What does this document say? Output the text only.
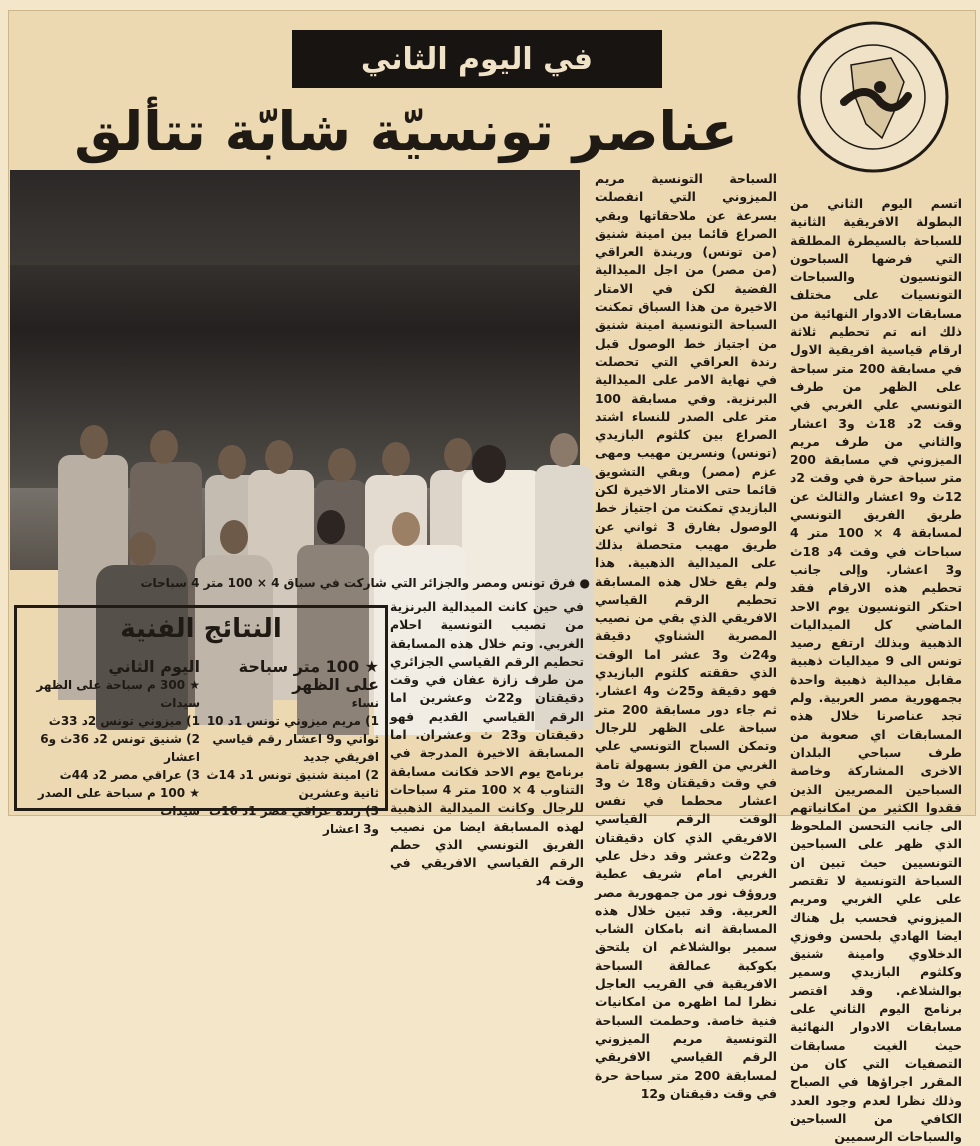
في اليوم الثاني
عناصر تونسيّة شابّة تتألق
● فرق تونس ومصر والجزائر التي شاركت في سباق 4 × 100 متر 4 سباحات
اتسم اليوم الثاني من البطولة الافريقية الثانية للسباحة بالسيطرة المطلقة التي فرضها السباحون التونسيون والسباحات التونسيات على مختلف مسابقات الادوار النهائية من ذلك انه تم تحطيم ثلاثة ارقام قياسية افريقية الاول في مسابقة 200 متر سباحة على الظهر من طرف التونسي علي الغربي في وقت 2د 18ث و3 اعشار والثاني من طرف مريم الميزوني في مسابقة 200 متر سباحة حرة في وقت 2د 12ث و9 اعشار والثالث عن طريق الفريق التونسي لمسابقة 4 × 100 متر 4 سباحات في وقت 4د 18ث و3 اعشار. وإلى جانب تحطيم هذه الارقام فقد احتكر التونسيون يوم الاحد الماضي كل الميداليات الذهبية وبذلك ارتفع رصيد تونس الى 9 ميداليات ذهبية مقابل ميدالية ذهبية واحدة بجمهورية مصر العربية. ولم تجد عناصرنا خلال هذه المسابقات اي صعوبة من طرف سباحي البلدان الاخرى المشاركة وخاصة السباحين المصريين الذين فقدوا الكثير من امكانياتهم الى جانب التحسن الملحوظ الذي ظهر على السباحين التونسيين حيث تبين ان السباحة التونسية لا تقتصر على علي الغربي ومريم الميزوني فحسب بل هناك ايضا الهادي بلحسن وفوزي الدخلاوي وامينة شنيق وكلثوم البازيدي وسمير بوالشلاغم. وقد اقتصر برنامج اليوم الثاني على مسابقات الادوار النهائية حيث الغيت مسابقات التصفيات التي كان من المقرر اجراؤها في الصباح وذلك نظرا لعدم وجود العدد الكافي من السباحين والسباحات الرسميين
السباحة التونسية مريم الميزوني التي انفصلت بسرعة عن ملاحقاتها وبقي الصراع قائما بين امينة شنيق (من تونس) وريندة العراقي (من مصر) من اجل الميدالية الفضية لكن في الامتار الاخيرة من هذا السباق تمكنت السباحة التونسية امينة شنيق من اجتياز خط الوصول قبل رندة العراقي التي تحصلت في نهاية الامر على الميدالية البرنزية. وفي مسابقة 100 متر على الصدر للنساء اشتد الصراع بين كلثوم البازيدي (تونس) ونسرين مهيب ومهى عزم (مصر) وبقي التشويق قائما حتى الامتار الاخيرة لكن البازيدي تمكنت من اجتياز خط الوصول بفارق 3 ثواني عن طريق مهيب متحصلة بذلك على الميدالية الذهبية. هذا ولم يقع خلال هذه المسابقة تحطيم الرقم القياسي الافريقي الذي بقي من نصيب المصرية الشناوي دقيقة و24ث و3 عشر اما الوقت الذي حققته كلثوم البازيدي فهو دقيقة و25ث و4 اعشار. ثم جاء دور مسابقة 200 متر سباحة على الظهر للرجال وتمكن السباح التونسي علي الغربي من الفوز بسهولة تامة في وقت دقيقتان و18 ث و3 اعشار محطما في نفس الوقت الرقم القياسي الافريقي الذي كان دقيقتان و22ث وعشر وقد دخل علي الغربي امام شريف عطية وروؤف نور من جمهورية مصر العربية. وقد تبين خلال هذه المسابقة انه بامكان الشاب سمير بوالشلاغم ان يلتحق بكوكبة عمالقة السباحة الافريقية في القريب العاجل نظرا لما اظهره من امكانيات فنية خاصة. وحطمت السباحة التونسية مريم الميزوني الرقم القياسي الافريقي لمسابقة 200 متر سباحة حرة في وقت دقيقتان و12
في حين كانت الميدالية البرنزية من نصيب التونسية احلام الغربي. وتم خلال هذه المسابقة تحطيم الرقم القياسي الجزائري من طرف زازة عفان في وقت دقيقتان و22ث وعشرين اما الرقم القياسي القديم فهو دقيقتان و23 ث وعشران. اما المسابقة الاخيرة المدرجة في برنامج يوم الاحد فكانت مسابقة التناوب 4 × 100 متر 4 سباحات للرجال وكانت الميدالية الذهبية لهذه المسابقة ايضا من نصيب الفريق التونسي الذي حطم الرقم القياسي الافريقي في وقت 4د
النتائج الفنية
★ 100 متر سباحة على الظهر
نساء
1) مريم ميزوني تونس 1د 10 ثواني و9 اعشار رقم قياسي افريقي جديد
2) امينة شنيق تونس 1د 14ث ثانية وعشرين
3) رندة عراقي مصر 1د 16ث و3 اعشار
اليوم الثاني
★ 300 م سباحة على الظهر
سيدات
1) ميزوني تونس 2د 33ث
2) شنيق تونس 2د 36ث و6 اعشار
3) عراقي مصر 2د 44ث
★ 100 م سباحة على الصدر
سيدات
